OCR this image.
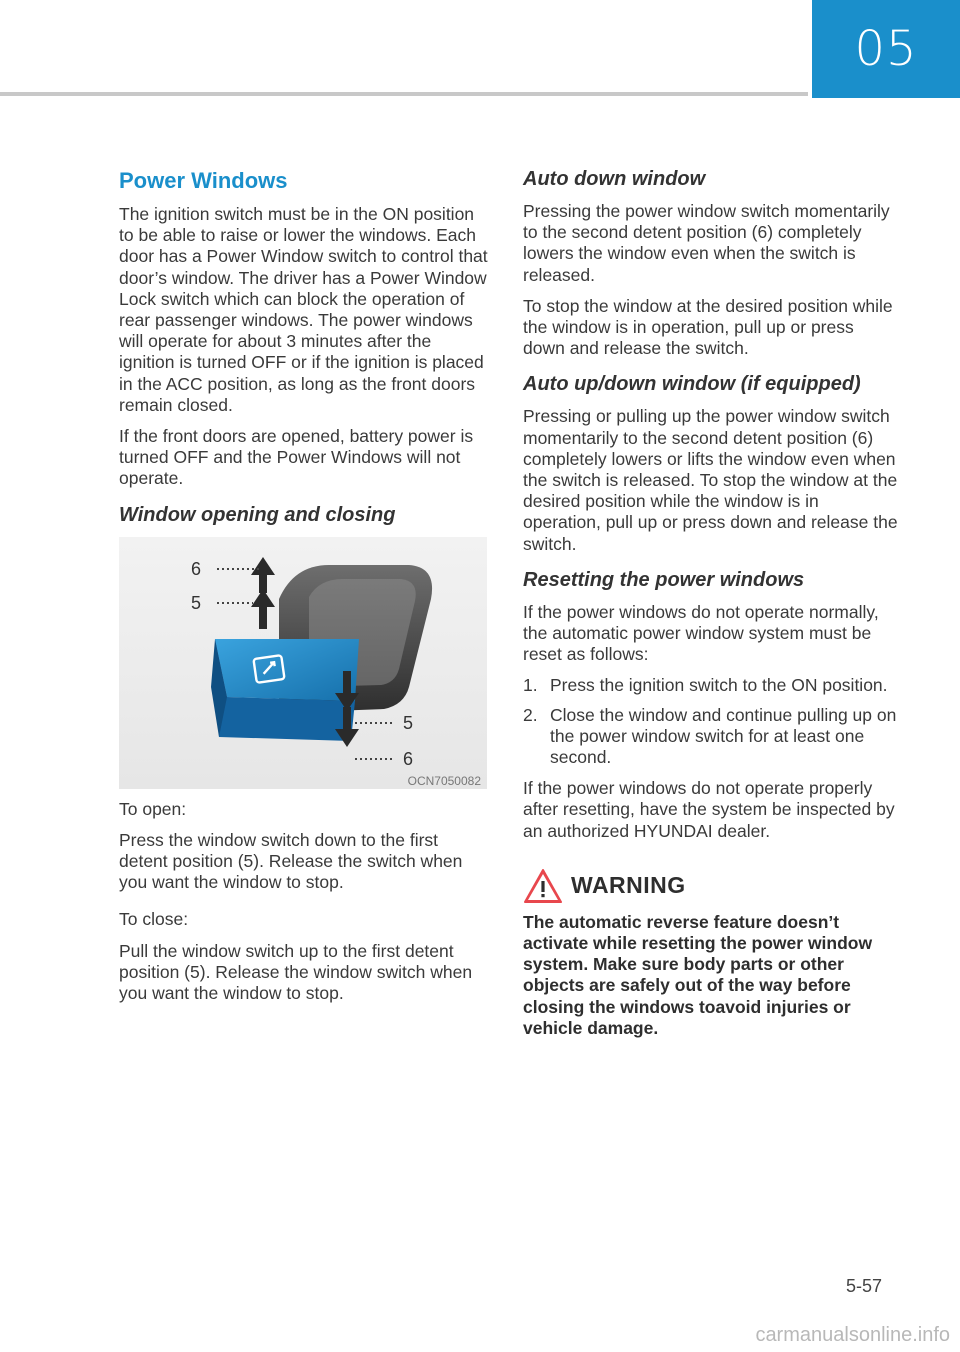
05
Power Windows

The ignition switch must be in the ON position to be able to raise or lower the windows. Each door has a Power Window switch to control that door’s window. The driver has a Power Window Lock switch which can block the operation of rear passenger windows. The power windows will operate for about 3 minutes after the ignition is turned OFF or if the ignition is placed in the ACC position, as long as the front doors remain closed.

If the front doors are opened, battery power is turned OFF and the Power Windows will not operate.

Window opening and closing
6
5
5
6
OCN7050082

To open:

Press the window switch down to the first detent position (5). Release the switch when you want the window to stop.

To close:

Pull the window switch up to the first detent position (5). Release the window switch when you want the window to stop.

Auto down window

Pressing the power window switch momentarily to the second detent position (6) completely lowers the window even when the switch is released.

To stop the window at the desired position while the window is in operation, pull up or press down and release the switch.

Auto up/down window (if equipped)

Pressing or pulling up the power window switch momentarily to the second detent position (6) completely lowers or lifts the window even when the switch is released. To stop the window at the desired position while the window is in operation, pull up or press down and release the switch.

Resetting the power windows

If the power windows do not operate normally, the automatic power window system must be reset as follows:

1. Press the ignition switch to the ON position.
2. Close the window and continue pulling up on the power window switch for at least one second.

If the power windows do not operate properly after resetting, have the system be inspected by an authorized HYUNDAI dealer.

WARNING

The automatic reverse feature doesn’t activate while resetting the power window system. Make sure body parts or other objects are safely out of the way before closing the windows toavoid injuries or vehicle damage.

5-57
carmanualsonline.info
